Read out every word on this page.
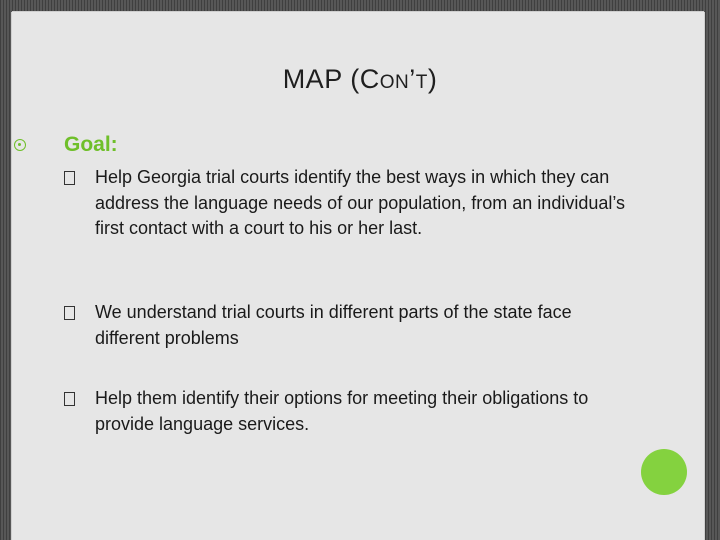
MAP (CON’T)
Goal:
Help Georgia trial courts identify the best ways in which they can address the language needs of our population, from an individual’s first contact with a court to his or her last.
We understand trial courts in different parts of the state face different problems
Help them identify their options for meeting their obligations to provide language services.
